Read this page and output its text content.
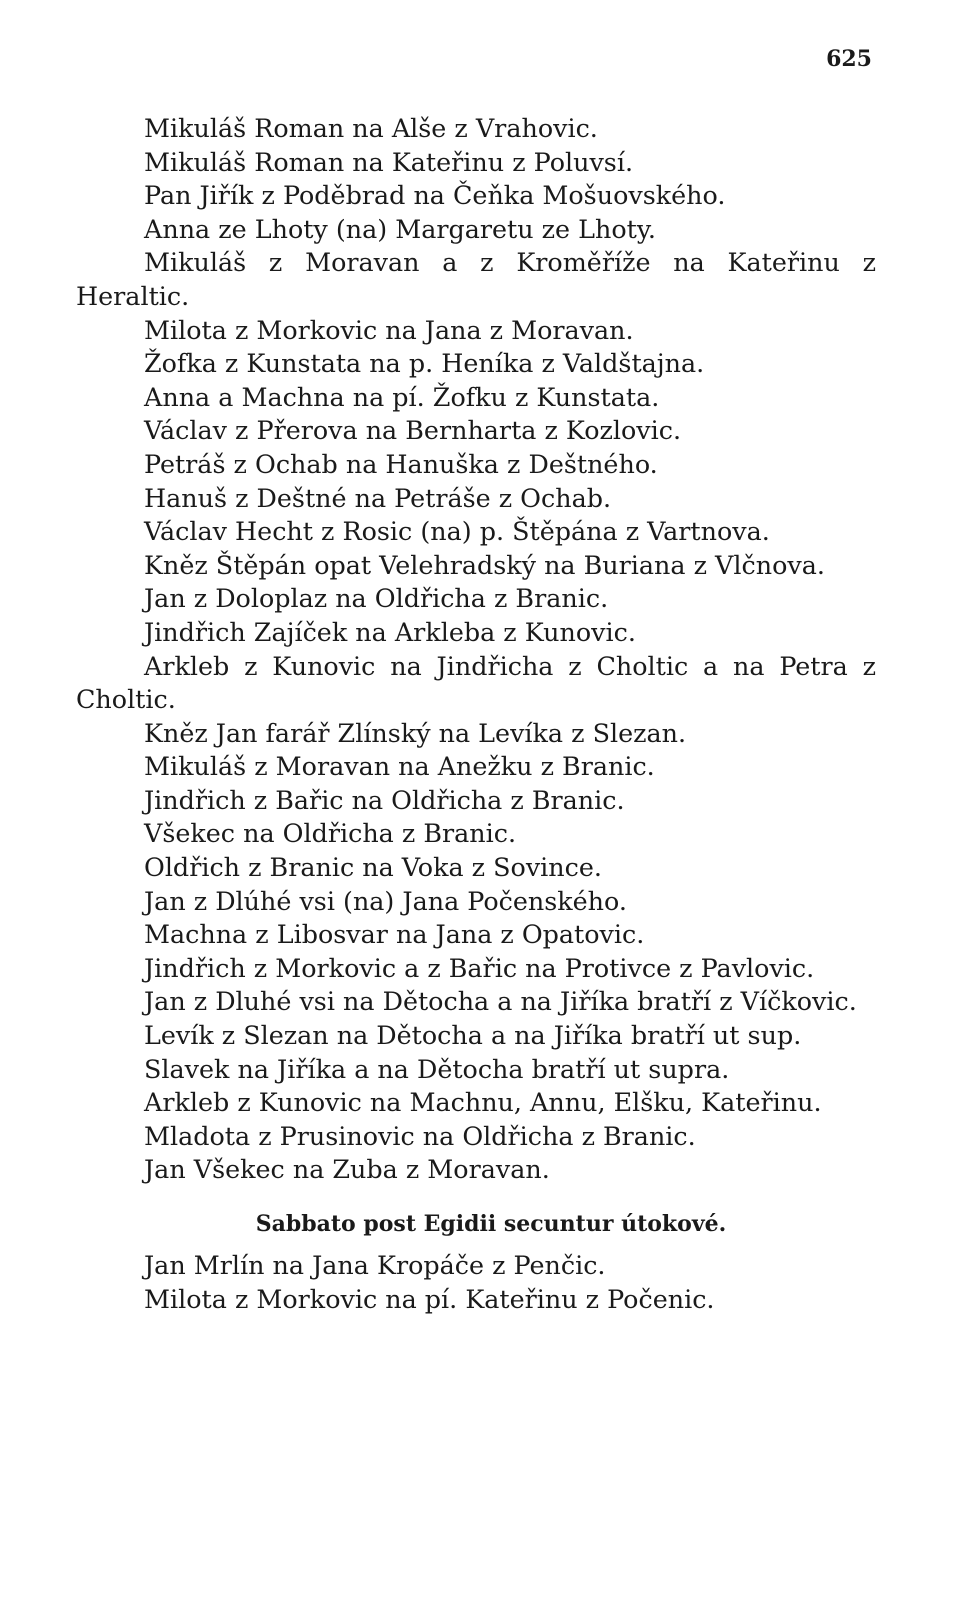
625

Mikuláš Roman na Alše z Vrahovic.

Mikuláš Roman na Kateřinu z Poluvsí.

Pan Jiřík z Poděbrad na Čeňka Mošuovského.

Anna ze Lhoty (na) Margaretu ze Lhoty.

Mikuláš z Moravan a z Kroměříže na Kateřinu z Heraltic.

Milota z Morkovic na Jana z Moravan.

Žofka z Kunstata na p. Heníka z Valdštajna.

Anna a Machna na pí. Žofku z Kunstata.

Václav z Přerova na Bernharta z Kozlovic.

Petráš z Ochab na Hanuška z Deštného.

Hanuš z Deštné na Petráše z Ochab.

Václav Hecht z Rosic (na) p. Štěpána z Vartnova.

Kněz Štěpán opat Velehradský na Buriana z Vlčnova.

Jan z Doloplaz na Oldřicha z Branic.

Jindřich Zajíček na Arkleba z Kunovic.

Arkleb z Kunovic na Jindřicha z Choltic a na Petra z Choltic.

Kněz Jan farář Zlínský na Levíka z Slezan.

Mikuláš z Moravan na Anežku z Branic.

Jindřich z Bařic na Oldřicha z Branic.

Všekec na Oldřicha z Branic.

Oldřich z Branic na Voka z Sovince.

Jan z Dlúhé vsi (na) Jana Počenského.

Machna z Libosvar na Jana z Opatovic.

Jindřich z Morkovic a z Bařic na Protivce z Pavlovic.

Jan z Dluhé vsi na Dětocha a na Jiříka bratří z Víčkovic.

Levík z Slezan na Dětocha a na Jiříka bratří ut sup.

Slavek na Jiříka a na Dětocha bratří ut supra.

Arkleb z Kunovic na Machnu, Annu, Elšku, Kateřinu.

Mladota z Prusinovic na Oldřicha z Branic.

Jan Všekec na Zuba z Moravan.

Sabbato post Egidii secuntur útokové.

Jan Mrlín na Jana Kropáče z Penčic.

Milota z Morkovic na pí. Kateřinu z Počenic.
